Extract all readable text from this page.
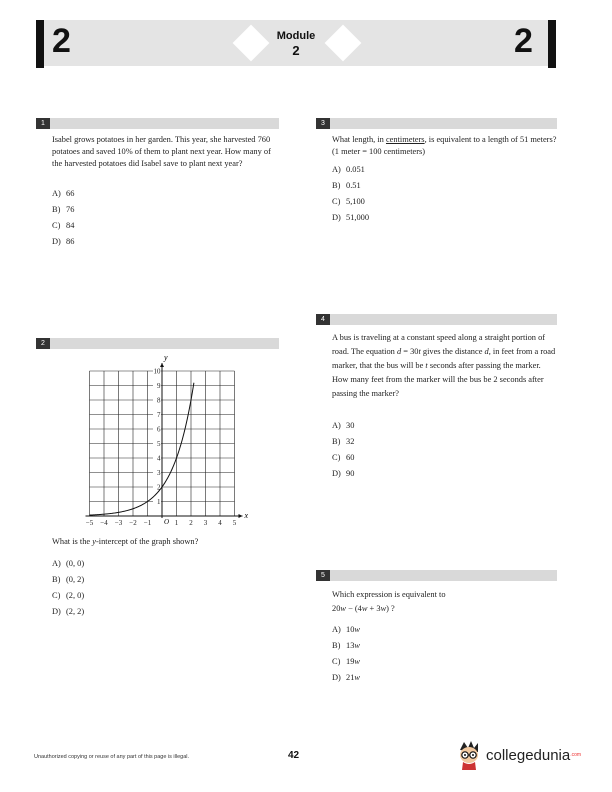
2	2
Module
2
1
Isabel grows potatoes in her garden. This year, she harvested 760 potatoes and saved 10% of them to plant next year. How many of the harvested potatoes did Isabel save to plant next year?
A) 66
B) 76
C) 84
D) 86
2
−5 −4 −3 −2 −1	1 2 3 4 5
1
2
3
4
5
6
7
8
9
10
y
x
O
What is the y-intercept of the graph shown?
A) (0, 0)
B) (0, 2)
C) (2, 0)
D) (2, 2)
3
What length, in centimeters, is equivalent to a length of 51 meters? (1 meter = 100 centimeters)
A) 0.051
B) 0.51
C) 5,100
D) 51,000
4
A bus is traveling at a constant speed along a straight portion of road. The equation d = 30t gives the distance d, in feet from a road marker, that the bus will be t seconds after passing the marker. How many feet from the marker will the bus be 2 seconds after passing the marker?
A) 30
B) 32
C) 60
D) 90
5
Which expression is equivalent to
20w − (4w + 3w) ?
A) 10w
B) 13w
C) 19w
D) 21w
Unauthorized copying or reuse of any part of this page is illegal.	42	collegedunia .com
